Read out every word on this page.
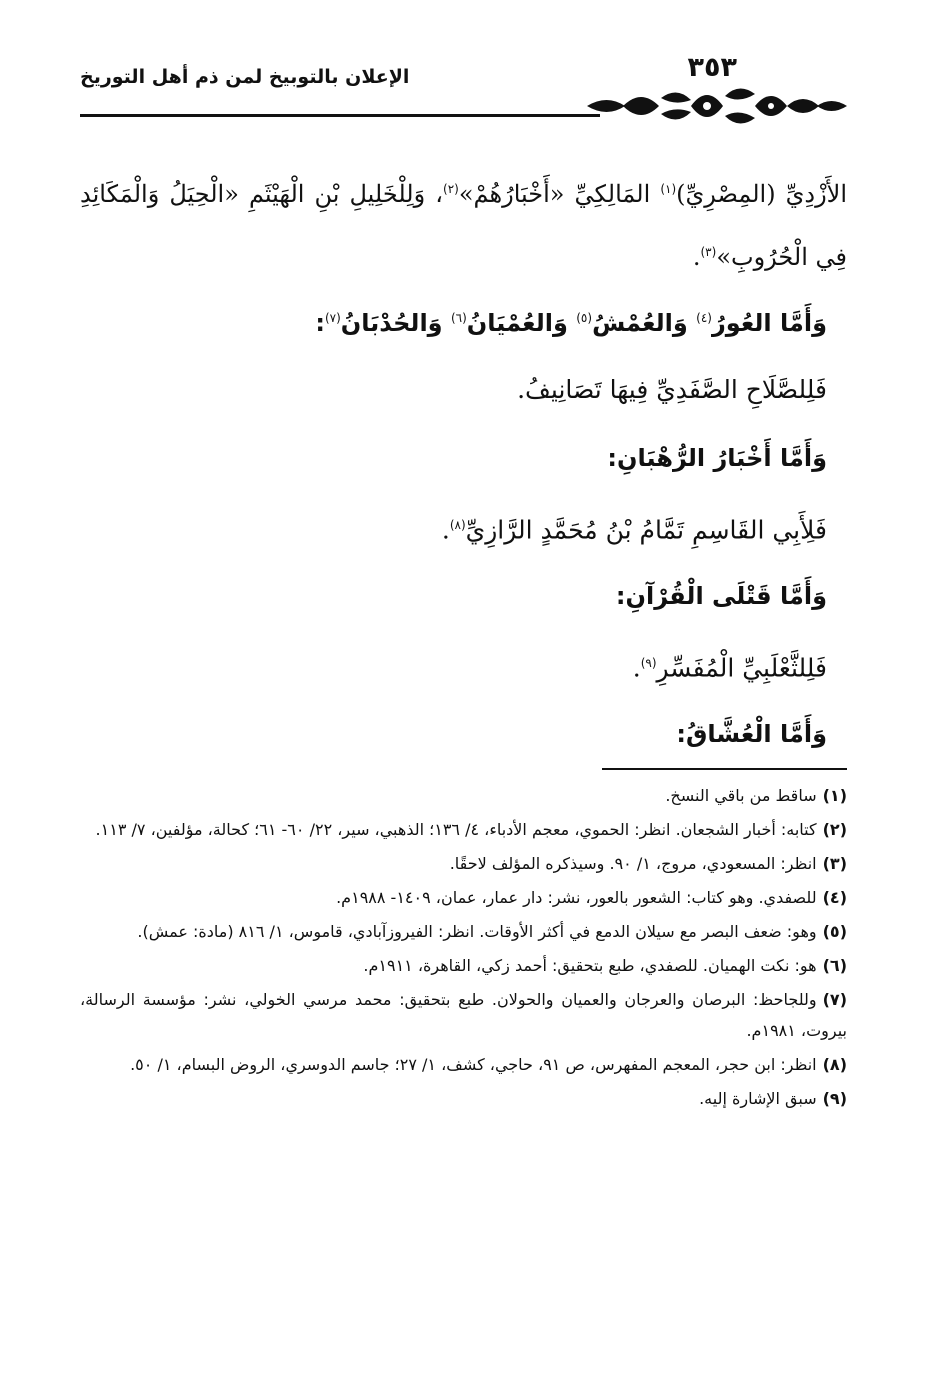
٣٥٣
الإعلان بالتوبيخ لمن ذم أهل التوريخ

الأَزْدِيِّ (المِصْرِيِّ)$^{(١)}$ المَالِكِيِّ «أَخْبَارُهُمْ»$^{(٢)}$، وَلِلْخَلِيلِ بْنِ الْهَيْثَمِ «الْحِيَلُ وَالْمَكَائِدِ فِي الْحُرُوبِ»$^{(٣)}$.

وَأَمَّا العُورُ$^{(٤)}$ وَالعُمْشُ$^{(٥)}$ وَالعُمْيَانُ$^{(٦)}$ وَالحُدْبَانُ$^{(٧)}$:
فَلِلصَّلَاحِ الصَّفَدِيِّ فِيهَا تَصَانِيفُ.
وَأَمَّا أَخْبَارُ الرُّهْبَانِ:
فَلِأَبِي القَاسِمِ تَمَّامُ بْنُ مُحَمَّدٍ الرَّازِيِّ$^{(٨)}$.
وَأَمَّا قَتْلَى الْقُرْآنِ:
فَلِلثَّعْلَبِيِّ الْمُفَسِّرِ$^{(٩)}$.
وَأَمَّا الْعُشَّاقُ:

(١)ساقط من باقي النسخ.

(٢)كتابه: أخبار الشجعان. انظر: الحموي، معجم الأدباء، ٤/ ١٣٦؛ الذهبي، سير، ٢٢/ ٦٠- ٦١؛ كحالة، مؤلفين، ٧/ ١١٣.

(٣)انظر: المسعودي، مروج، ١/ ٩٠. وسيذكره المؤلف لاحقًا.

(٤)للصفدي. وهو كتاب: الشعور بالعور، نشر: دار عمار، عمان، ١٤٠٩- ١٩٨٨م.

(٥)وهو: ضعف البصر مع سيلان الدمع في أكثر الأوقات. انظر: الفيروزآبادي، قاموس، ١/ ٨١٦ (مادة: عمش).

(٦)هو: نكت الهميان. للصفدي، طبع بتحقيق: أحمد زكي، القاهرة، ١٩١١م.

(٧)وللجاحظ: البرصان والعرجان والعميان والحولان. طبع بتحقيق: محمد مرسي الخولي، نشر: مؤسسة الرسالة، بيروت، ١٩٨١م.

(٨)انظر: ابن حجر، المعجم المفهرس، ص ٩١، حاجي، كشف، ١/ ٢٧؛ جاسم الدوسري، الروض البسام، ١/ ٥٠.

(٩)سبق الإشارة إليه.
